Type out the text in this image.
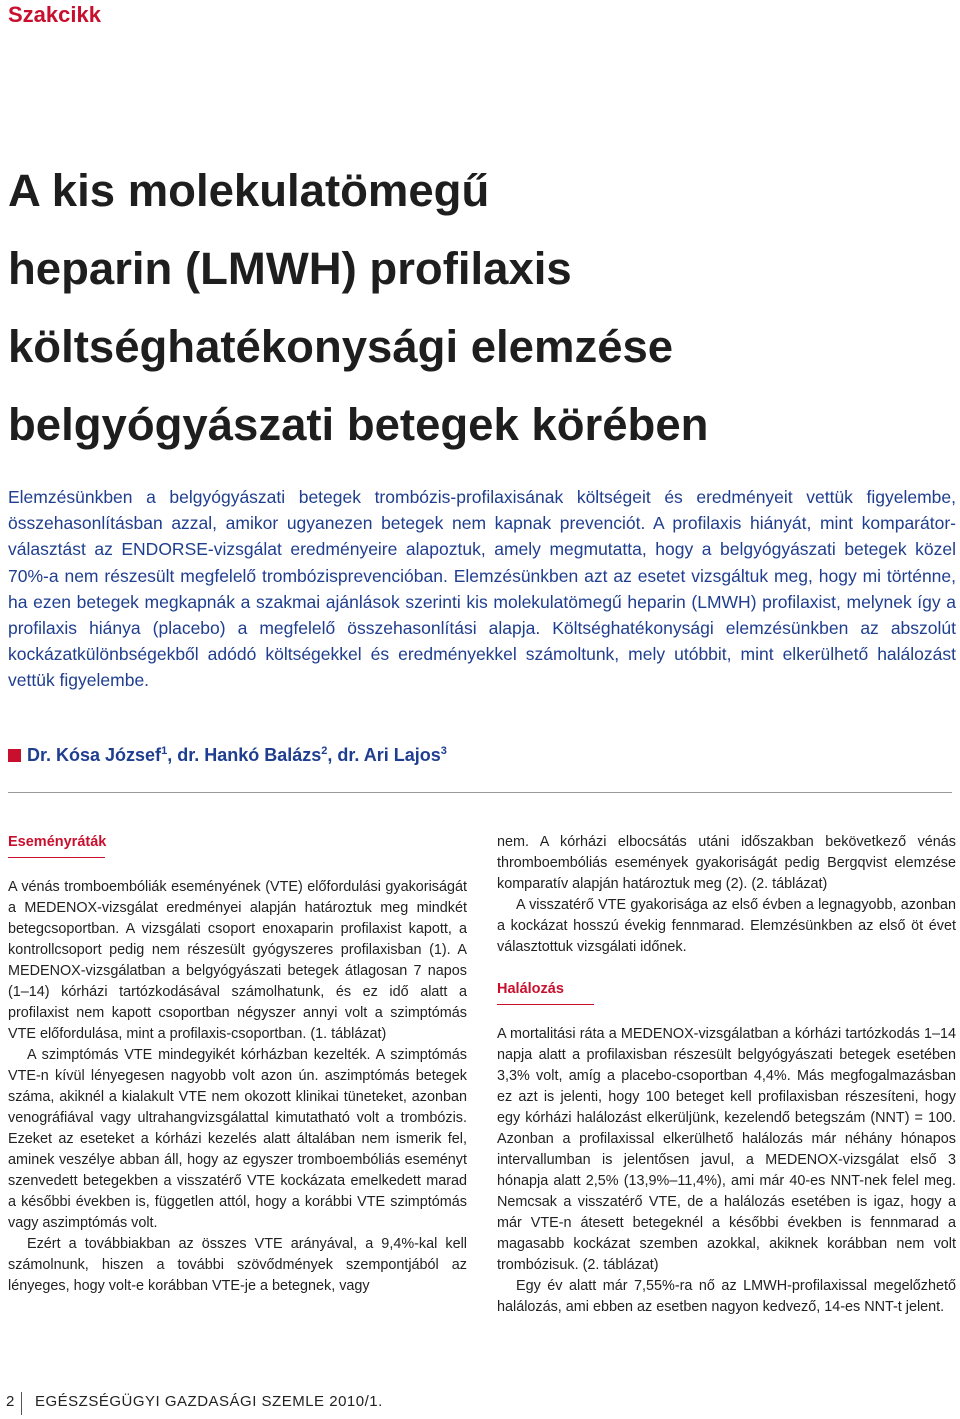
Szakcikk
A kis molekulatömegű
heparin (LMWH) profilaxis
költséghatékonysági elemzése
belgyógyászati betegek körében

Elemzésünkben a belgyógyászati betegek trombózis-profilaxisának költségeit és eredményeit vettük figyelembe, összehasonlításban azzal, amikor ugyanezen betegek nem kapnak prevenciót. A profilaxis hiányát, mint komparátor-választást az ENDORSE-vizsgálat eredményeire alapoztuk, amely megmutatta, hogy a belgyógyászati betegek közel 70%-a nem részesült megfelelő trombózisprevencióban. Elemzésünkben azt az esetet vizsgáltuk meg, hogy mi történne, ha ezen betegek megkapnák a szakmai ajánlások szerinti kis molekulatömegű heparin (LMWH) profilaxist, melynek így a profilaxis hiánya (placebo) a megfelelő összehasonlítási alapja. Költséghatékonysági elemzésünkben az abszolút kockázatkülönbségekből adódó költségekkel és eredményekkel számoltunk, mely utóbbit, mint elkerülhető halálozást vettük figyelembe.

Dr. Kósa József$^1$, dr. Hankó Balázs$^2$, dr. Ari Lajos$^3$
Eseményráták

A vénás tromboembóliák eseményének (VTE) előfordulási gyakoriságát a MEDENOX-vizsgálat eredményei alapján határoztuk meg mindkét betegcsoportban. A vizsgálati csoport enoxaparin profilaxist kapott, a kontrollcsoport pedig nem részesült gyógyszeres profilaxisban (1). A MEDENOX-vizsgálatban a belgyógyászati betegek átlagosan 7 napos (1–14) kórházi tartózkodásával számolhatunk, és ez idő alatt a profilaxist nem kapott csoportban négyszer annyi volt a szimptómás VTE előfordulása, mint a profilaxis-csoportban. (1. táblázat)

A szimptómás VTE mindegyikét kórházban kezelték. A szimptómás VTE-n kívül lényegesen nagyobb volt azon ún. aszimptómás betegek száma, akiknél a kialakult VTE nem okozott klinikai tüneteket, azonban venográfiával vagy ultrahangvizsgálattal kimutatható volt a trombózis. Ezeket az eseteket a kórházi kezelés alatt általában nem ismerik fel, aminek veszélye abban áll, hogy az egyszer tromboembóliás eseményt szenvedett betegekben a visszatérő VTE kockázata emelkedett marad a későbbi években is, független attól, hogy a korábbi VTE szimptómás vagy aszimptómás volt.

Ezért a továbbiakban az összes VTE arányával, a 9,4%-kal kell számolnunk, hiszen a további szövődmények szempontjából az lényeges, hogy volt-e korábban VTE-je a betegnek, vagy

nem. A kórházi elbocsátás utáni időszakban bekövetkező vénás thromboembóliás események gyakoriságát pedig Bergqvist elemzése komparatív alapján határoztuk meg (2). (2. táblázat)

A visszatérő VTE gyakorisága az első évben a legnagyobb, azonban a kockázat hosszú évekig fennmarad. Elemzésünkben az első öt évet választottuk vizsgálati időnek.

Halálozás

A mortalitási ráta a MEDENOX-vizsgálatban a kórházi tartózkodás 1–14 napja alatt a profilaxisban részesült belgyógyászati betegek esetében 3,3% volt, amíg a placebo-csoportban 4,4%. Más megfogalmazásban ez azt is jelenti, hogy 100 beteget kell profilaxisban részesíteni, hogy egy kórházi halálozást elkerüljünk, kezelendő betegszám (NNT) = 100. Azonban a profilaxissal elkerülhető halálozás már néhány hónapos intervallumban is jelentősen javul, a MEDENOX-vizsgálat első 3 hónapja alatt 2,5% (13,9%–11,4%), ami már 40-es NNT-nek felel meg. Nemcsak a visszatérő VTE, de a halálozás esetében is igaz, hogy a már VTE-n átesett betegeknél a későbbi években is fennmarad a magasabb kockázat szemben azokkal, akiknek korábban nem volt trombózisuk. (2. táblázat)

Egy év alatt már 7,55%-ra nő az LMWH-profilaxissal megelőzhető halálozás, ami ebben az esetben nagyon kedvező, 14-es NNT-t jelent.

2 EGÉSZSÉGÜGYI GAZDASÁGI SZEMLE 2010/1.
